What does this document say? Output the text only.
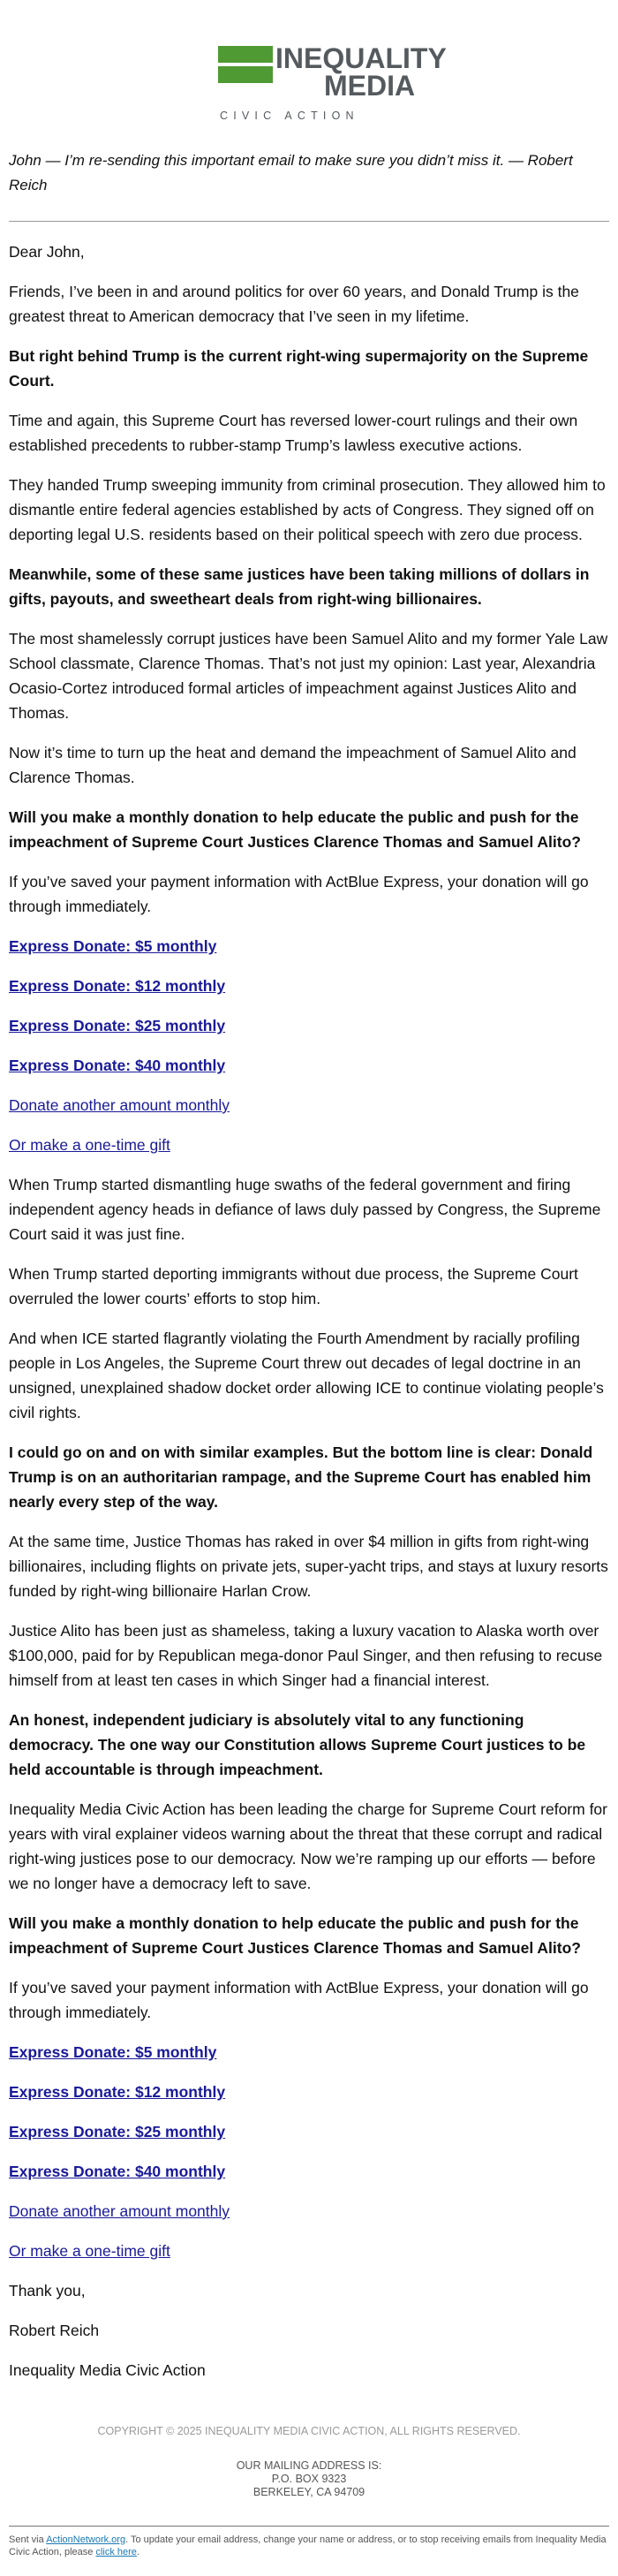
INEQUALITY
MEDIA
CIVIC ACTION
John — I’m re-sending this important email to make sure you didn’t miss it. — Robert Reich

Dear John,

Friends, I’ve been in and around politics for over 60 years, and Donald Trump is the greatest threat to American democracy that I’ve seen in my lifetime.

But right behind Trump is the current right-wing supermajority on the Supreme Court.

Time and again, this Supreme Court has reversed lower-court rulings and their own established precedents to rubber-stamp Trump’s lawless executive actions.

They handed Trump sweeping immunity from criminal prosecution. They allowed him to dismantle entire federal agencies established by acts of Congress. They signed off on deporting legal U.S. residents based on their political speech with zero due process.

Meanwhile, some of these same justices have been taking millions of dollars in gifts, payouts, and sweetheart deals from right-wing billionaires.

The most shamelessly corrupt justices have been Samuel Alito and my former Yale Law School classmate, Clarence Thomas. That’s not just my opinion: Last year, Alexandria Ocasio-Cortez introduced formal articles of impeachment against Justices Alito and Thomas.

Now it’s time to turn up the heat and demand the impeachment of Samuel Alito and Clarence Thomas.

Will you make a monthly donation to help educate the public and push for the impeachment of Supreme Court Justices Clarence Thomas and Samuel Alito?

If you’ve saved your payment information with ActBlue Express, your donation will go through immediately.

Express Donate: $5 monthly

Express Donate: $12 monthly

Express Donate: $25 monthly

Express Donate: $40 monthly

Donate another amount monthly

Or make a one-time gift

When Trump started dismantling huge swaths of the federal government and firing independent agency heads in defiance of laws duly passed by Congress, the Supreme Court said it was just fine.

When Trump started deporting immigrants without due process, the Supreme Court overruled the lower courts’ efforts to stop him.

And when ICE started flagrantly violating the Fourth Amendment by racially profiling people in Los Angeles, the Supreme Court threw out decades of legal doctrine in an unsigned, unexplained shadow docket order allowing ICE to continue violating people’s civil rights.

I could go on and on with similar examples. But the bottom line is clear: Donald Trump is on an authoritarian rampage, and the Supreme Court has enabled him nearly every step of the way.

At the same time, Justice Thomas has raked in over $4 million in gifts from right-wing billionaires, including flights on private jets, super-yacht trips, and stays at luxury resorts funded by right-wing billionaire Harlan Crow.

Justice Alito has been just as shameless, taking a luxury vacation to Alaska worth over $100,000, paid for by Republican mega-donor Paul Singer, and then refusing to recuse himself from at least ten cases in which Singer had a financial interest.

An honest, independent judiciary is absolutely vital to any functioning democracy. The one way our Constitution allows Supreme Court justices to be held accountable is through impeachment.

Inequality Media Civic Action has been leading the charge for Supreme Court reform for years with viral explainer videos warning about the threat that these corrupt and radical right-wing justices pose to our democracy. Now we’re ramping up our efforts — before we no longer have a democracy left to save.

Will you make a monthly donation to help educate the public and push for the impeachment of Supreme Court Justices Clarence Thomas and Samuel Alito?

If you’ve saved your payment information with ActBlue Express, your donation will go through immediately.

Express Donate: $5 monthly

Express Donate: $12 monthly

Express Donate: $25 monthly

Express Donate: $40 monthly

Donate another amount monthly

Or make a one-time gift

Thank you,

Robert Reich

Inequality Media Civic Action

COPYRIGHT © 2025 INEQUALITY MEDIA CIVIC ACTION, ALL RIGHTS RESERVED.
OUR MAILING ADDRESS IS:
P.O. BOX 9323
BERKELEY, CA 94709
Sent via ActionNetwork.org. To update your email address, change your name or address, or to stop receiving emails from Inequality Media Civic Action, please click here.
